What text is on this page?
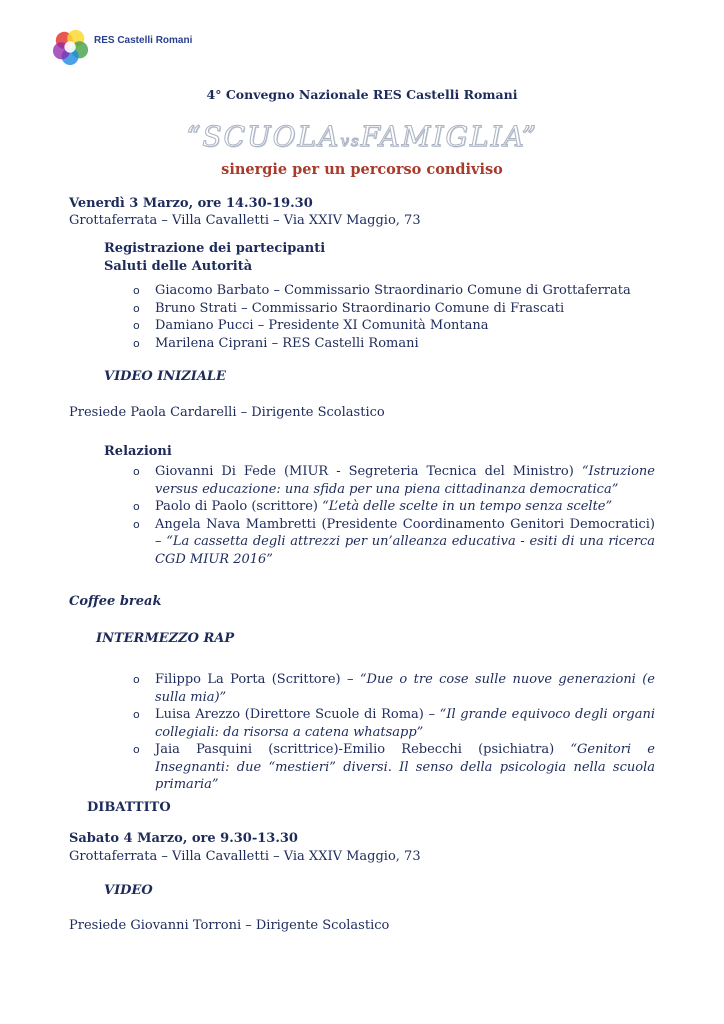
RES Castelli Romani
4° Convegno Nazionale RES Castelli Romani
“SCUOLAvsFAMIGLIA”
sinergie per un percorso condiviso
Venerdì 3 Marzo, ore 14.30-19.30
Grottaferrata – Villa Cavalletti – Via XXIV Maggio, 73
Registrazione dei partecipanti
Saluti delle Autorità
o Giacomo Barbato – Commissario Straordinario Comune di Grottaferrata
o Bruno Strati – Commissario Straordinario Comune di Frascati
o Damiano Pucci – Presidente XI Comunità Montana
o Marilena Ciprani – RES Castelli Romani
VIDEO INIZIALE
Presiede Paola Cardarelli – Dirigente Scolastico
Relazioni
o Giovanni Di Fede (MIUR - Segreteria Tecnica del Ministro) “Istruzione versus educazione: una sfida per una piena cittadinanza democratica”
o Paolo di Paolo (scrittore) “L’età delle scelte in un tempo senza scelte”
o Angela Nava Mambretti (Presidente Coordinamento Genitori Democratici) – “La cassetta degli attrezzi per un’alleanza educativa - esiti di una ricerca CGD MIUR 2016”
Coffee break
INTERMEZZO RAP
o Filippo La Porta (Scrittore) – “Due o tre cose sulle nuove generazioni (e sulla mia)”
o Luisa Arezzo (Direttore Scuole di Roma) – “Il grande equivoco degli organi collegiali: da risorsa a catena whatsapp”
o Jaia Pasquini (scrittrice)-Emilio Rebecchi (psichiatra) “Genitori e Insegnanti: due “mestieri” diversi. Il senso della psicologia nella scuola primaria”
DIBATTITO
Sabato 4 Marzo, ore 9.30-13.30
Grottaferrata – Villa Cavalletti – Via XXIV Maggio, 73
VIDEO
Presiede Giovanni Torroni – Dirigente Scolastico
